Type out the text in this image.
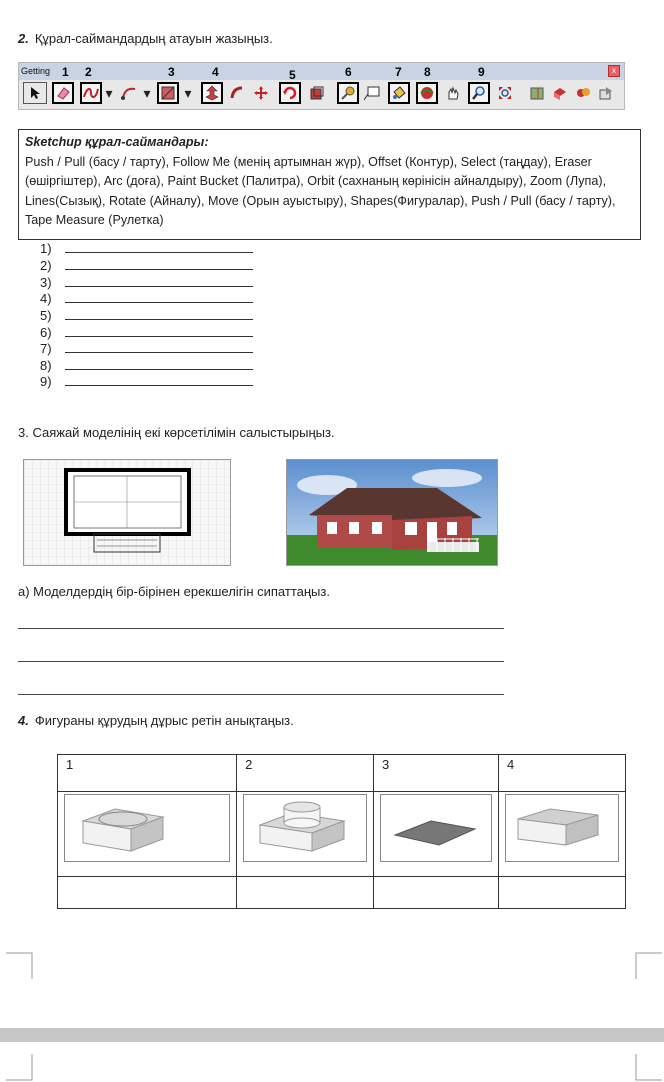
2. Құрал-саймандардың атауын жазыңыз.
Getting	x
1 2	3	4	5	6	7 8	9
▾ ▾ ▾
Sketchup құрал-саймандары:
Push / Pull (басу / тарту), Follow Me (менің артымнан жүр), Offset (Контур), Select (таңдау), Eraser (өшіргіштер), Arc (доға), Paint Bucket (Палитра), Orbit (сахнаның көрінісін айналдыру), Zoom (Лупа), Lines(Сызық), Rotate (Айналу), Move (Орын ауыстыру), Shapes(Фигуралар), Push / Pull (басу / тарту), Tape Measure (Рулетка)
1)
2)
3)
4)
5)
6)
7)
8)
9)
3. Саяжай моделінің екі көрсетілімін салыстырыңыз.
а) Моделдердің бір-бірінен ерекшелігін сипаттаңыз.
4. Фигураны құрудың дұрыс ретін анықтаңыз.
1	2	3	4
